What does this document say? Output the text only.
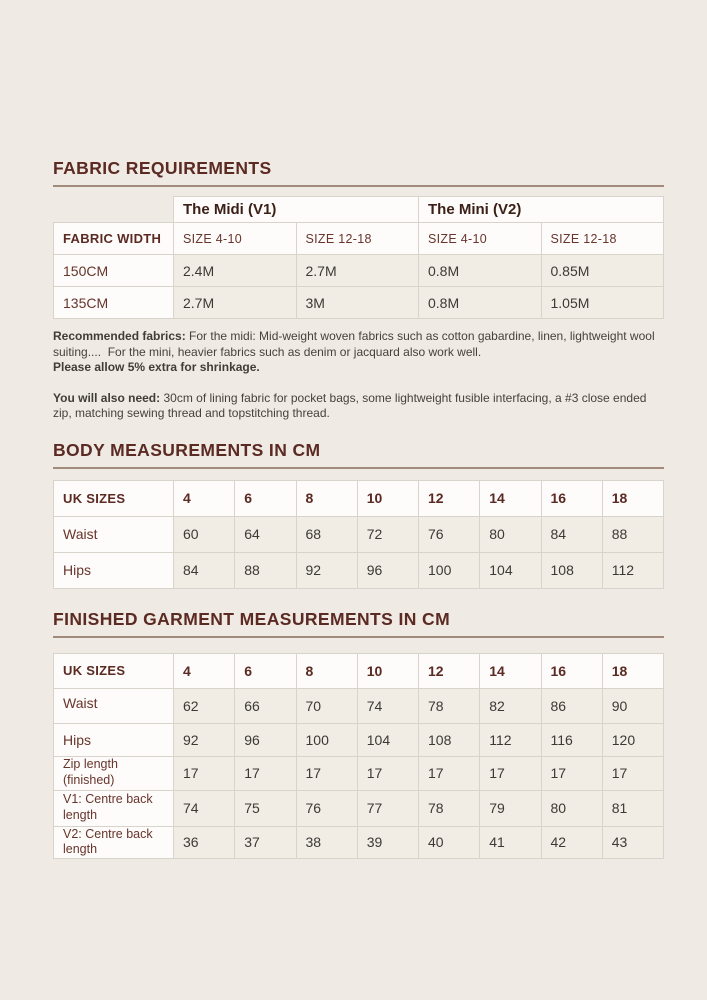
FABRIC REQUIREMENTS
	The Midi (V1)		The Mini (V2)	
FABRIC WIDTH	SIZE 4-10	SIZE 12-18	SIZE 4-10	SIZE 12-18
150CM	2.4M	2.7M	0.8M	0.85M
135CM	2.7M	3M	0.8M	1.05M
Recommended fabrics: For the midi: Mid-weight woven fabrics such as cotton gabardine, linen, lightweight wool suiting....  For the mini, heavier fabrics such as denim or jacquard also work well.
Please allow 5% extra for shrinkage.
You will also need: 30cm of lining fabric for pocket bags, some lightweight fusible interfacing, a #3 close ended zip, matching sewing thread and topstitching thread.
BODY MEASUREMENTS IN CM
UK SIZES	4	6	8	10	12	14	16	18
Waist	60	64	68	72	76	80	84	88
Hips	84	88	92	96	100	104	108	112
FINISHED GARMENT MEASUREMENTS IN CM
UK SIZES	4	6	8	10	12	14	16	18
Waist	62	66	70	74	78	82	86	90
Hips	92	96	100	104	108	112	116	120
Zip length (finished)	17	17	17	17	17	17	17	17
V1: Centre back length	74	75	76	77	78	79	80	81
V2: Centre back length	36	37	38	39	40	41	42	43
